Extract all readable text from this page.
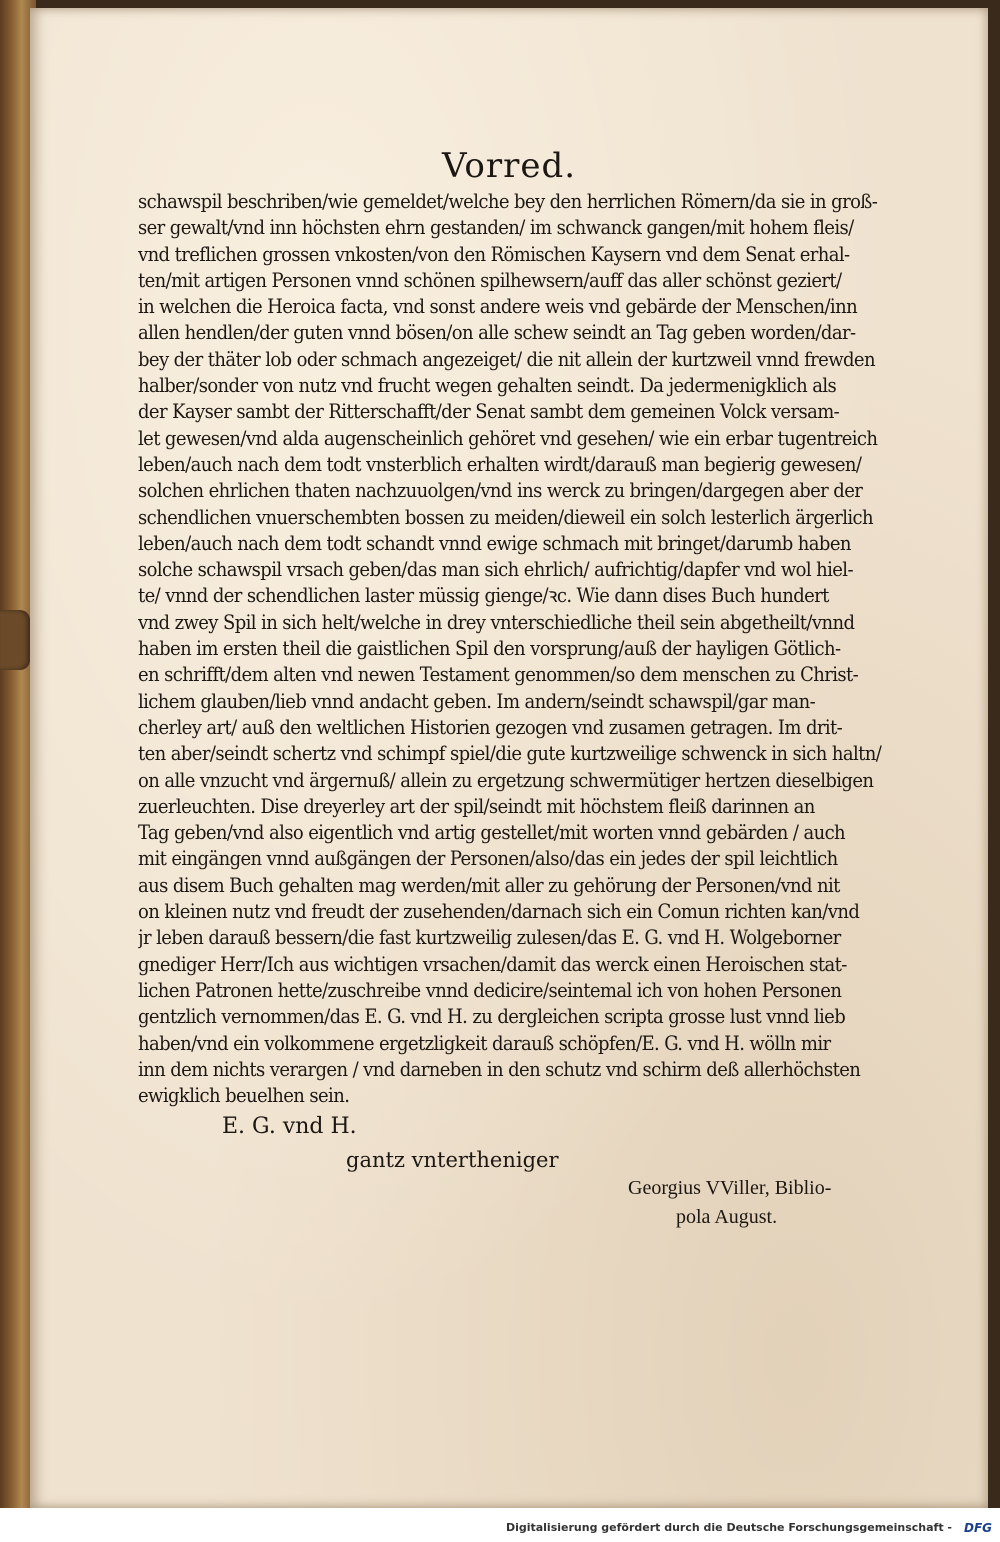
Vorred.
schawspil beschriben/wie gemeldet/welche bey den herrlichen Römern/da sie in groß-
ser gewalt/vnd inn höchsten ehrn gestanden/ im schwanck gangen/mit hohem fleis/
vnd treflichen grossen vnkosten/von den Römischen Kaysern vnd dem Senat erhal-
ten/mit artigen Personen vnnd schönen spilhewsern/auff das aller schönst geziert/
in welchen die Heroica facta, vnd sonst andere weis vnd gebärde der Menschen/inn
allen hendlen/der guten vnnd bösen/on alle schew seindt an Tag geben worden/dar-
bey der thäter lob oder schmach angezeiget/ die nit allein der kurtzweil vnnd frewden
halber/sonder von nutz vnd frucht wegen gehalten seindt. Da jedermenigklich als
der Kayser sambt der Ritterschafft/der Senat sambt dem gemeinen Volck versam-
let gewesen/vnd alda augenscheinlich gehöret vnd gesehen/ wie ein erbar tugentreich
leben/auch nach dem todt vnsterblich erhalten wirdt/darauß man begierig gewesen/
solchen ehrlichen thaten nachzuuolgen/vnd ins werck zu bringen/dargegen aber der
schendlichen vnuerschembten bossen zu meiden/dieweil ein solch lesterlich ärgerlich
leben/auch nach dem todt schandt vnnd ewige schmach mit bringet/darumb haben
solche schawspil vrsach geben/das man sich ehrlich/ aufrichtig/dapfer vnd wol hiel-
te/ vnnd der schendlichen laster müssig gienge/ꝛc. Wie dann dises Buch hundert
vnd zwey Spil in sich helt/welche in drey vnterschiedliche theil sein abgetheilt/vnnd
haben im ersten theil die gaistlichen Spil den vorsprung/auß der hayligen Götlich-
en schrifft/dem alten vnd newen Testament genommen/so dem menschen zu Christ-
lichem glauben/lieb vnnd andacht geben. Im andern/seindt schawspil/gar man-
cherley art/ auß den weltlichen Historien gezogen vnd zusamen getragen. Im drit-
ten aber/seindt schertz vnd schimpf spiel/die gute kurtzweilige schwenck in sich haltn/
on alle vnzucht vnd ärgernuß/ allein zu ergetzung schwermütiger hertzen dieselbigen
zuerleuchten. Dise dreyerley art der spil/seindt mit höchstem fleiß darinnen an
Tag geben/vnd also eigentlich vnd artig gestellet/mit worten vnnd gebärden / auch
mit eingängen vnnd außgängen der Personen/also/das ein jedes der spil leichtlich
aus disem Buch gehalten mag werden/mit aller zu gehörung der Personen/vnd nit
on kleinen nutz vnd freudt der zusehenden/darnach sich ein Comun richten kan/vnd
jr leben darauß bessern/die fast kurtzweilig zulesen/das E. G. vnd H. Wolgeborner
gnediger Herr/Ich aus wichtigen vrsachen/damit das werck einen Heroischen stat-
lichen Patronen hette/zuschreibe vnnd dedicire/seintemal ich von hohen Personen
gentzlich vernommen/das E. G. vnd H. zu dergleichen scripta grosse lust vnnd lieb
haben/vnd ein volkommene ergetzligkeit darauß schöpfen/E. G. vnd H. wölln mir
inn dem nichts verargen / vnd darneben in den schutz vnd schirm deß allerhöchsten
ewigklich beuelhen sein.
E. G. vnd H.
gantz vntertheniger
Georgius VViller, Biblio-
pola August.
Digitalisierung gefördert durch die Deutsche Forschungsgemeinschaft - DFG
